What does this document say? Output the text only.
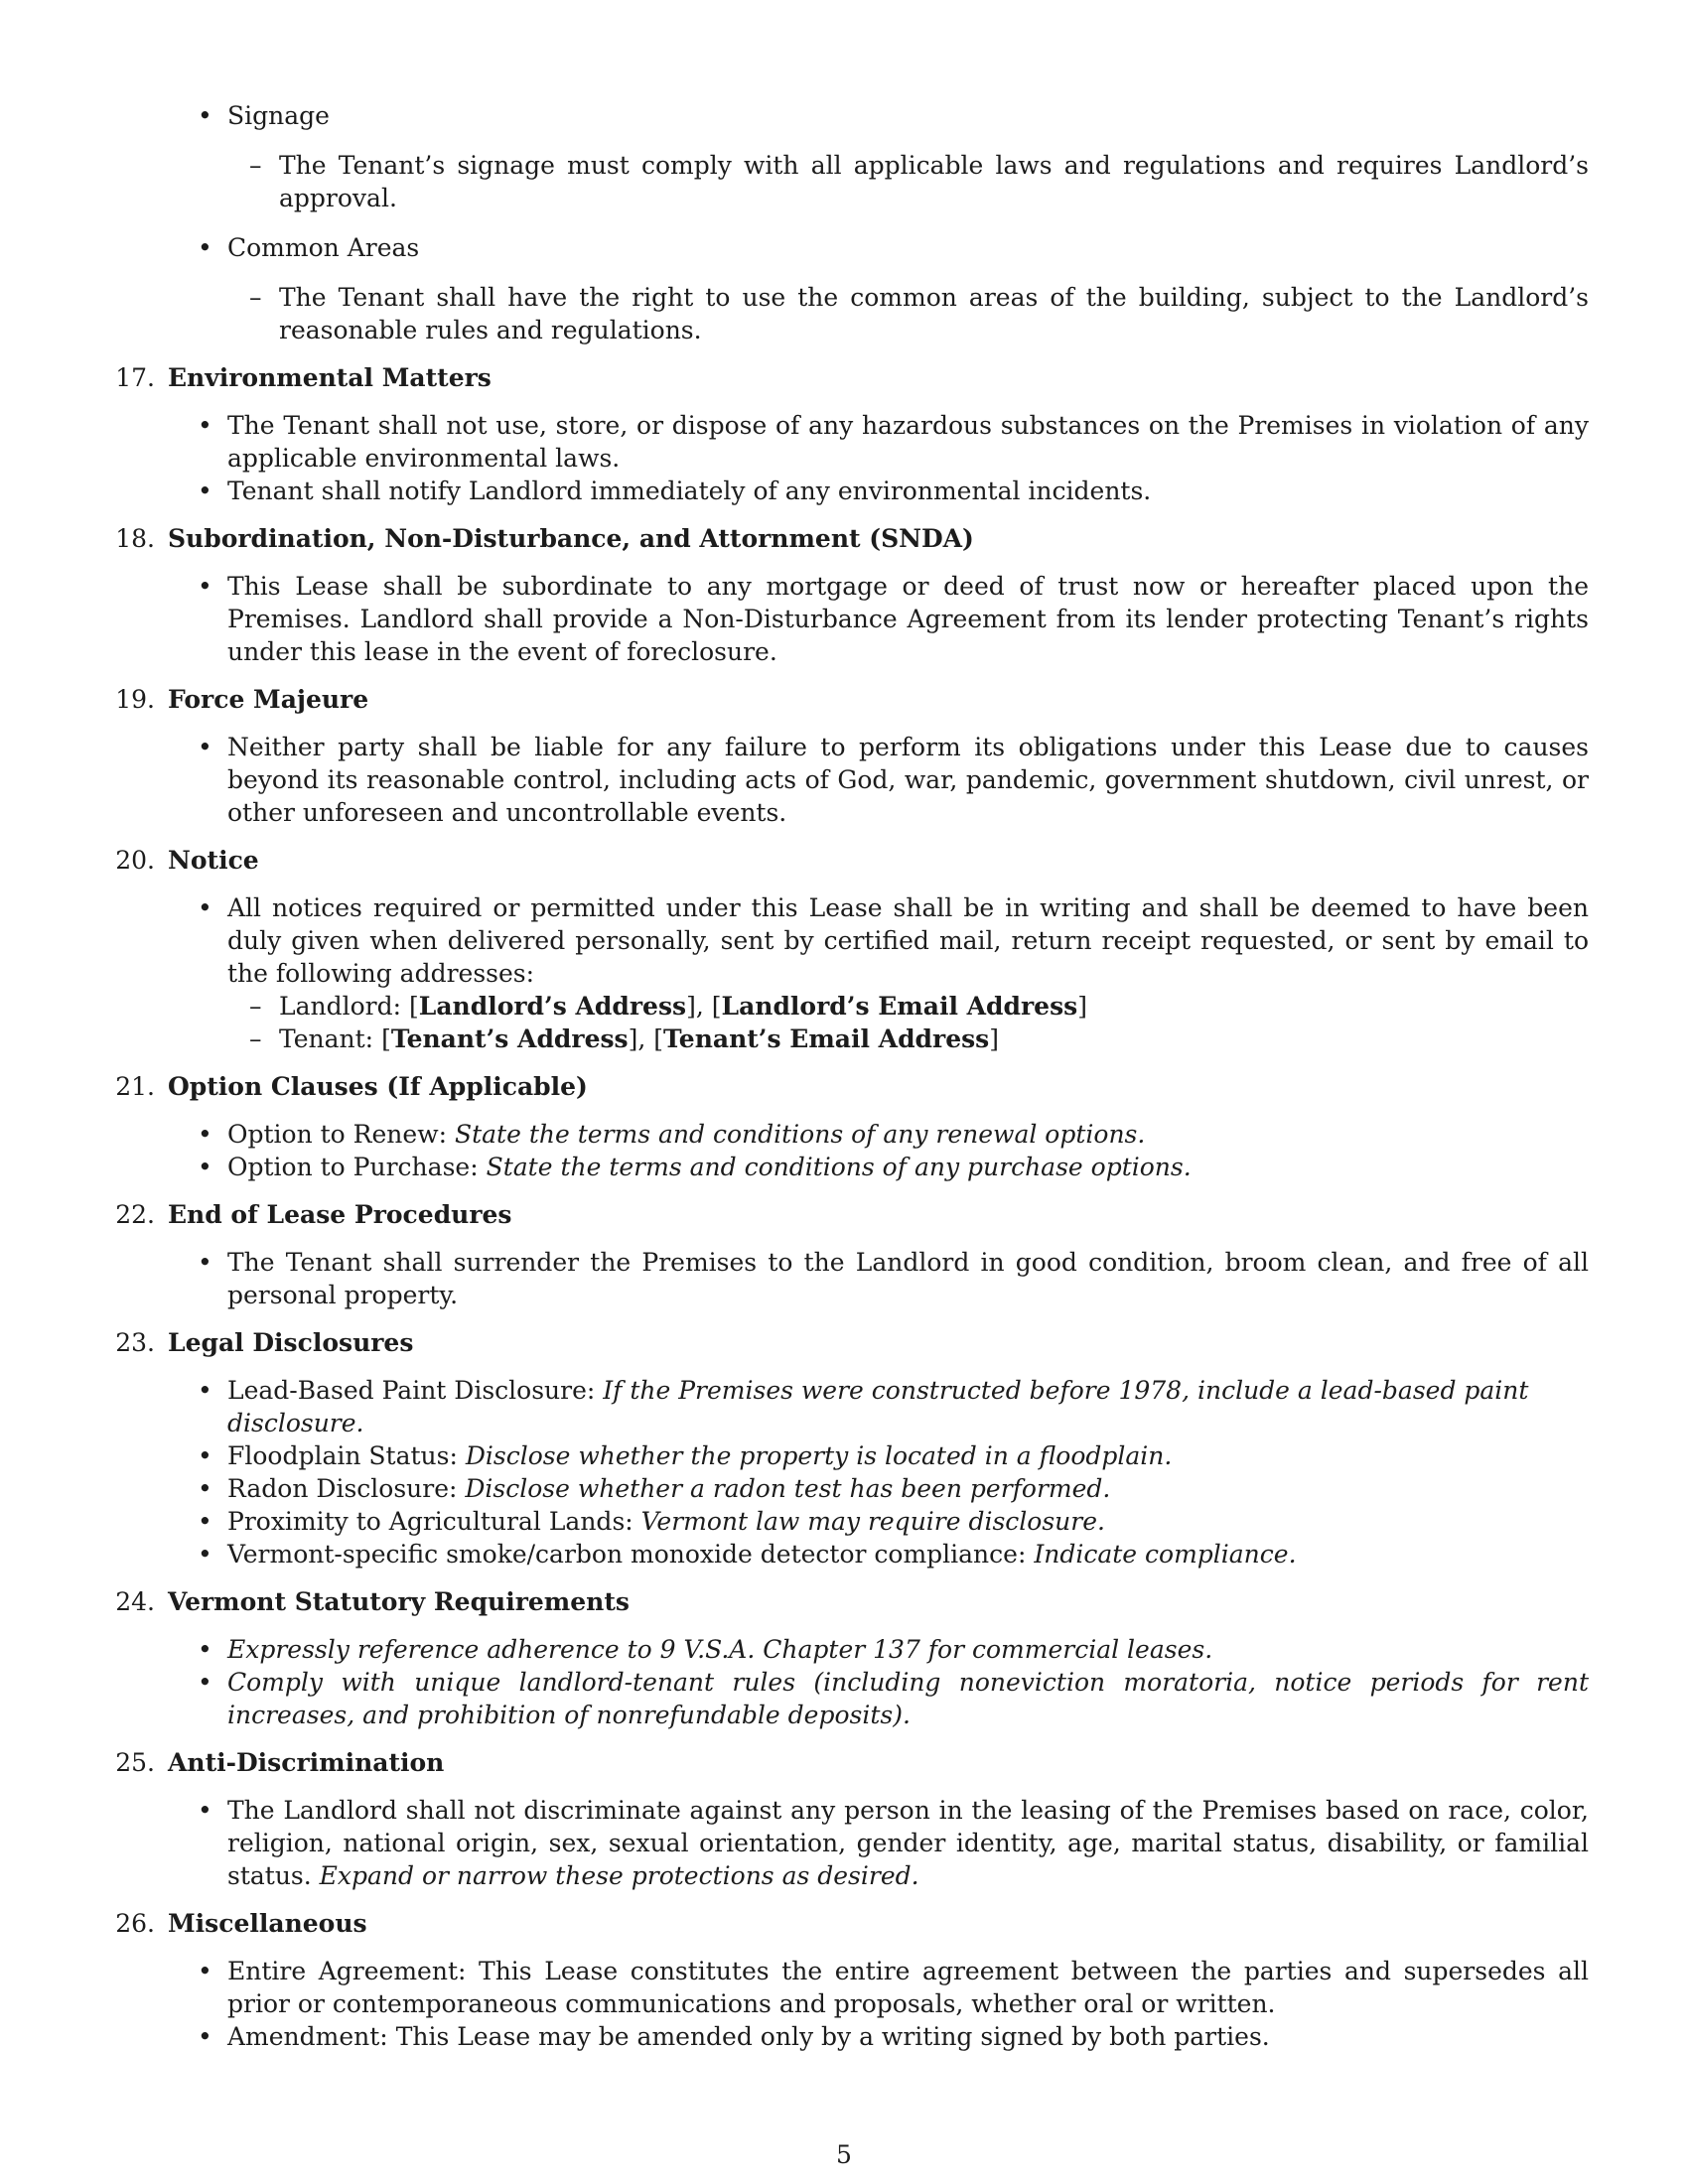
• Signage
– The Tenant’s signage must comply with all applicable laws and regulations and requires Landlord’s approval.
• Common Areas
– The Tenant shall have the right to use the common areas of the building, subject to the Landlord’s reasonable rules and regulations.
17. Environmental Matters
• The Tenant shall not use, store, or dispose of any hazardous substances on the Premises in violation of any applicable environmental laws.
• Tenant shall notify Landlord immediately of any environmental incidents.
18. Subordination, Non-Disturbance, and Attornment (SNDA)
• This Lease shall be subordinate to any mortgage or deed of trust now or hereafter placed upon the Premises. Landlord shall provide a Non-Disturbance Agreement from its lender protecting Tenant’s rights under this lease in the event of foreclosure.
19. Force Majeure
• Neither party shall be liable for any failure to perform its obligations under this Lease due to causes beyond its reasonable control, including acts of God, war, pandemic, government shutdown, civil unrest, or other unforeseen and uncontrollable events.
20. Notice
• All notices required or permitted under this Lease shall be in writing and shall be deemed to have been duly given when delivered personally, sent by certified mail, return receipt requested, or sent by email to the following addresses:
– Landlord: [Landlord’s Address], [Landlord’s Email Address]
– Tenant: [Tenant’s Address], [Tenant’s Email Address]
21. Option Clauses (If Applicable)
• Option to Renew: State the terms and conditions of any renewal options.
• Option to Purchase: State the terms and conditions of any purchase options.
22. End of Lease Procedures
• The Tenant shall surrender the Premises to the Landlord in good condition, broom clean, and free of all personal property.
23. Legal Disclosures
• Lead-Based Paint Disclosure: If the Premises were constructed before 1978, include a lead-based paint disclosure.
• Floodplain Status: Disclose whether the property is located in a floodplain.
• Radon Disclosure: Disclose whether a radon test has been performed.
• Proximity to Agricultural Lands: Vermont law may require disclosure.
• Vermont-specific smoke/carbon monoxide detector compliance: Indicate compliance.
24. Vermont Statutory Requirements
• Expressly reference adherence to 9 V.S.A. Chapter 137 for commercial leases.
• Comply with unique landlord-tenant rules (including noneviction moratoria, notice periods for rent increases, and prohibition of nonrefundable deposits).
25. Anti-Discrimination
• The Landlord shall not discriminate against any person in the leasing of the Premises based on race, color, religion, national origin, sex, sexual orientation, gender identity, age, marital status, disability, or familial status. Expand or narrow these protections as desired.
26. Miscellaneous
• Entire Agreement: This Lease constitutes the entire agreement between the parties and supersedes all prior or contemporaneous communications and proposals, whether oral or written.
• Amendment: This Lease may be amended only by a writing signed by both parties.
5
